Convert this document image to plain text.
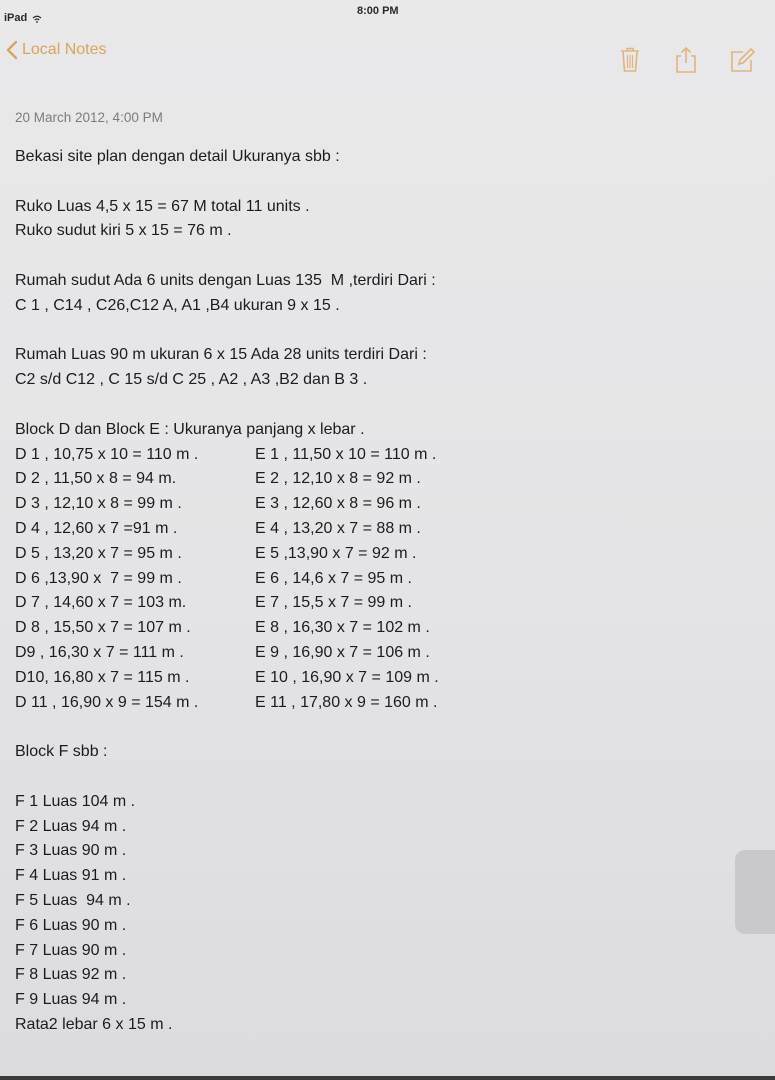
iPad
8:00 PM
Local Notes
20 March 2012, 4:00 PM
Bekasi site plan dengan detail Ukuranya sbb :
Ruko Luas 4,5 x 15 = 67 M total 11 units .
Ruko sudut kiri 5 x 15 = 76 m .
Rumah sudut Ada 6 units dengan Luas 135  M ,terdiri Dari :
C 1 , C14 , C26,C12 A, A1 ,B4 ukuran 9 x 15 .
Rumah Luas 90 m ukuran 6 x 15 Ada 28 units terdiri Dari :
C2 s/d C12 , C 15 s/d C 25 , A2 , A3 ,B2 dan B 3 .
Block D dan Block E : Ukuranya panjang x lebar .
D 1 , 10,75 x 10 = 110 m .	E 1 , 11,50 x 10 = 110 m .
D 2 , 11,50 x 8 = 94 m.	E 2 , 12,10 x 8 = 92 m .
D 3 , 12,10 x 8 = 99 m .	E 3 , 12,60 x 8 = 96 m .
D 4 , 12,60 x 7 =91 m .	E 4 , 13,20 x 7 = 88 m .
D 5 , 13,20 x 7 = 95 m .	E 5 ,13,90 x 7 = 92 m .
D 6 ,13,90 x  7 = 99 m .	E 6 , 14,6 x 7 = 95 m .
D 7 , 14,60 x 7 = 103 m.	E 7 , 15,5 x 7 = 99 m .
D 8 , 15,50 x 7 = 107 m .	E 8 , 16,30 x 7 = 102 m .
D9 , 16,30 x 7 = 111 m .	E 9 , 16,90 x 7 = 106 m .
D10, 16,80 x 7 = 115 m .	E 10 , 16,90 x 7 = 109 m .
D 11 , 16,90 x 9 = 154 m .	E 11 , 17,80 x 9 = 160 m .
Block F sbb :
F 1 Luas 104 m .
F 2 Luas 94 m .
F 3 Luas 90 m .
F 4 Luas 91 m .
F 5 Luas  94 m .
F 6 Luas 90 m .
F 7 Luas 90 m .
F 8 Luas 92 m .
F 9 Luas 94 m .
Rata2 lebar 6 x 15 m .
